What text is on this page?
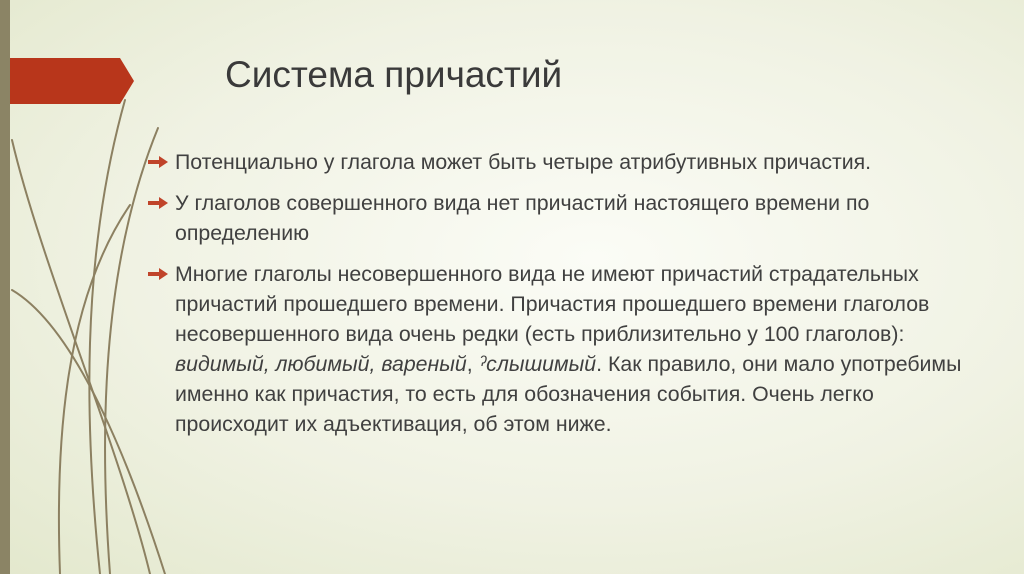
Система причастий
Потенциально у глагола может быть четыре атрибутивных причастия.
У глаголов совершенного вида нет причастий настоящего времени по определению
Многие глаголы несовершенного вида не имеют причастий страдательных причастий прошедшего времени. Причастия прошедшего времени глаголов несовершенного вида очень редки (есть приблизительно у 100 глаголов): видимый, любимый, вареный, ˀслышимый. Как правило, они мало употребимы именно как причастия, то есть для обозначения события. Очень легко происходит их адъективация, об этом ниже.
